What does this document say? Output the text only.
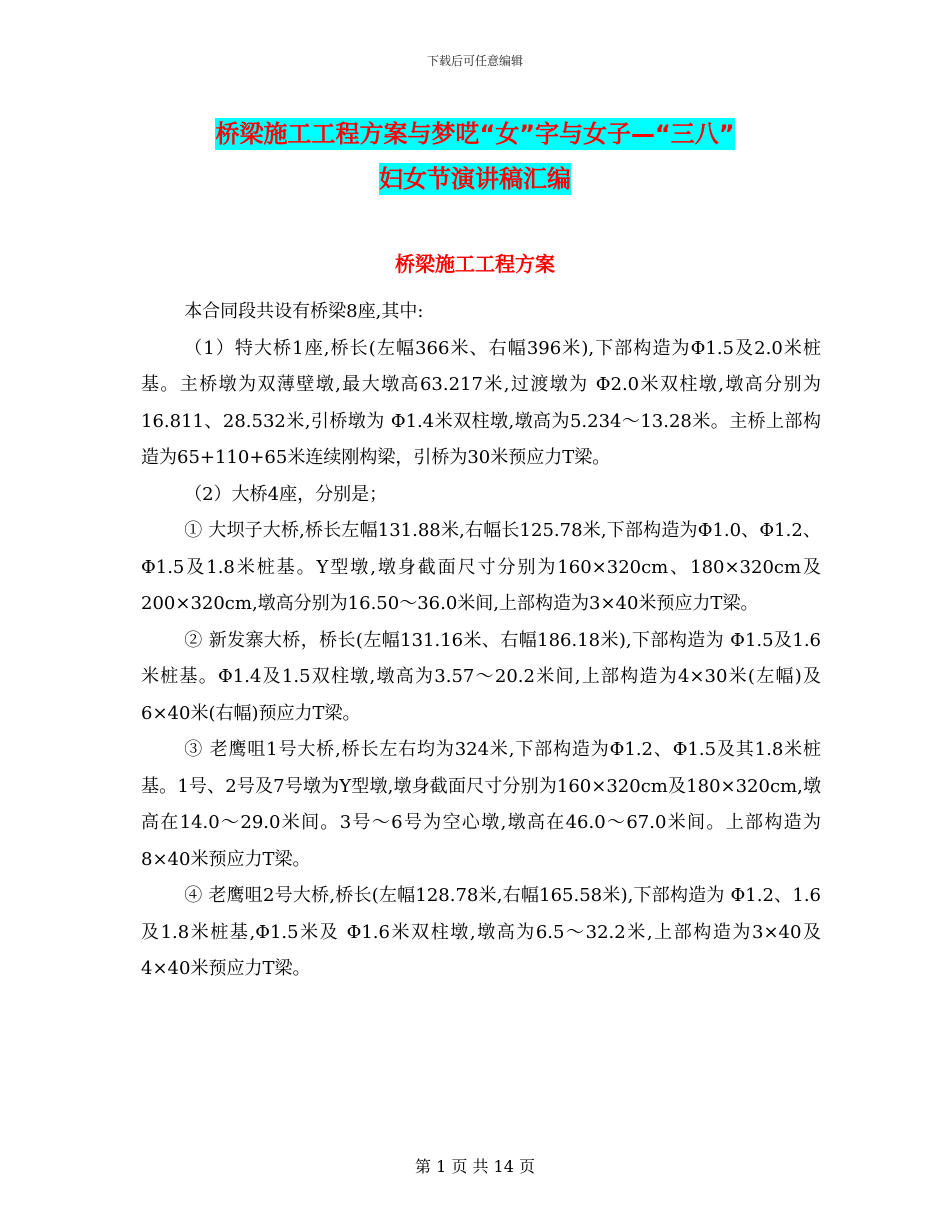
下载后可任意编辑
桥梁施工工程方案与梦呓“女”字与女子—“三八”
妇女节演讲稿汇编
桥梁施工工程方案

本合同段共设有桥梁8座,其中:

（1）特大桥1座,桥长(左幅366米、右幅396米),下部构造为Φ1.5及2.0米桩基。主桥墩为双薄壁墩,最大墩高63.217米,过渡墩为 Φ2.0米双柱墩,墩高分别为16.811、28.532米,引桥墩为 Φ1.4米双柱墩,墩高为5.234～13.28米。主桥上部构造为65+110+65米连续刚构梁，引桥为30米预应力T梁。

（2）大桥4座，分别是；

① 大坝子大桥,桥长左幅131.88米,右幅长125.78米,下部构造为Φ1.0、Φ1.2、Φ1.5及1.8米桩基。Y型墩,墩身截面尺寸分别为160×320cm、180×320cm及200×320cm,墩高分别为16.50～36.0米间,上部构造为3×40米预应力T梁。

② 新发寨大桥，桥长(左幅131.16米、右幅186.18米),下部构造为 Φ1.5及1.6米桩基。Φ1.4及1.5双柱墩,墩高为3.57～20.2米间,上部构造为4×30米(左幅)及6×40米(右幅)预应力T梁。

③ 老鹰咀1号大桥,桥长左右均为324米,下部构造为Φ1.2、Φ1.5及其1.8米桩基。1号、2号及7号墩为Y型墩,墩身截面尺寸分别为160×320cm及180×320cm,墩高在14.0～29.0米间。3号～6号为空心墩,墩高在46.0～67.0米间。上部构造为8×40米预应力T梁。

④ 老鹰咀2号大桥,桥长(左幅128.78米,右幅165.58米),下部构造为 Φ1.2、1.6及1.8米桩基,Φ1.5米及 Φ1.6米双柱墩,墩高为6.5～32.2米,上部构造为3×40及4×40米预应力T梁。

第 1 页 共 14 页
